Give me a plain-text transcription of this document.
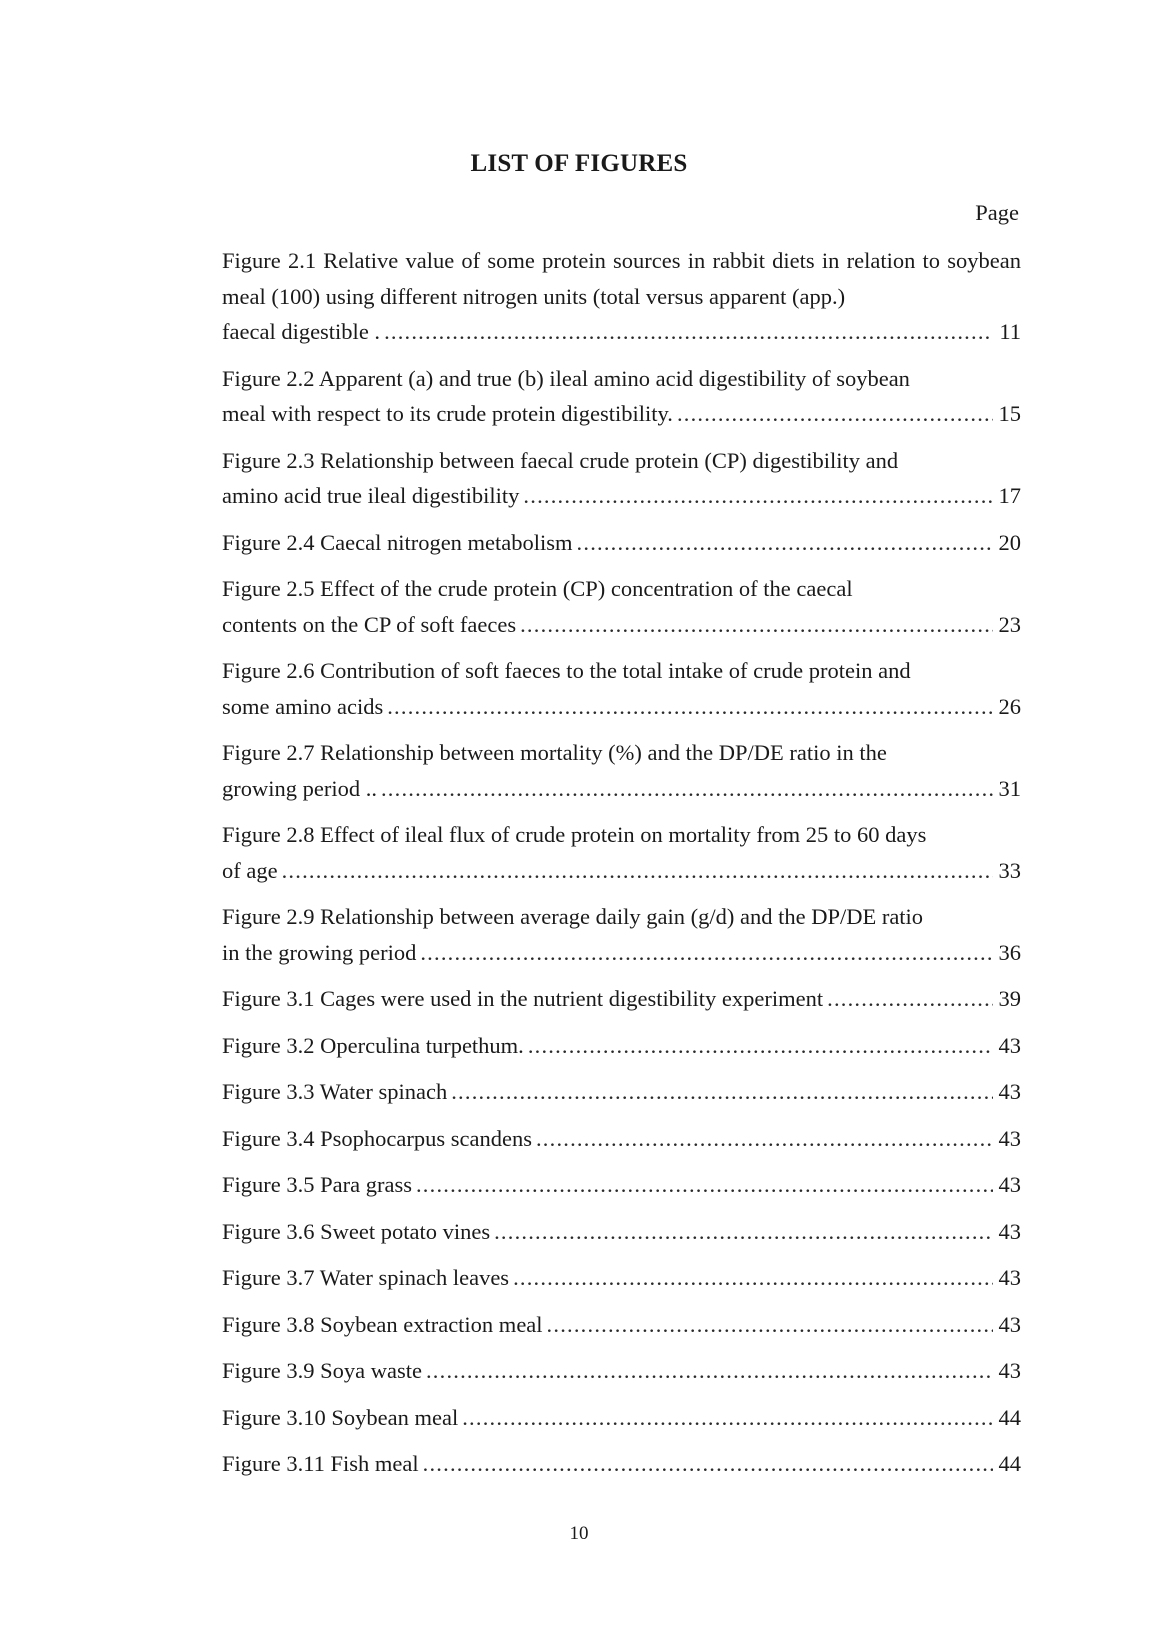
LIST OF FIGURES
Page
Figure 2.1 Relative value of some protein sources in rabbit diets in relation to soybean meal (100) using different nitrogen units (total versus apparent (app.)
faecal digestible . .....	11
Figure 2.2 Apparent (a) and true (b) ileal amino acid digestibility of soybean
meal with respect to its crude protein digestibility. .....	15
Figure 2.3 Relationship between faecal crude protein (CP) digestibility and
amino acid true ileal digestibility .....	17
Figure 2.4 Caecal nitrogen metabolism .....	20
Figure 2.5 Effect of the crude protein (CP) concentration of the caecal
contents on the CP of soft faeces .....	23
Figure 2.6 Contribution of soft faeces to the total intake of crude protein and
some amino acids .....	26
Figure 2.7 Relationship between mortality (%) and the DP/DE ratio in the
growing period .. .....	31
Figure 2.8 Effect of ileal flux of crude protein on mortality from 25 to 60 days
of age .....	33
Figure 2.9 Relationship between average daily gain (g/d) and the DP/DE ratio
in the growing period .....	36
Figure 3.1 Cages were used in the nutrient digestibility experiment .....	39
Figure 3.2 Operculina turpethum. .....	43
Figure 3.3 Water spinach .....	43
Figure 3.4 Psophocarpus scandens .....	43
Figure 3.5 Para grass .....	43
Figure 3.6 Sweet potato vines .....	43
Figure 3.7 Water spinach leaves .....	43
Figure 3.8 Soybean extraction meal .....	43
Figure 3.9 Soya waste .....	43
Figure 3.10 Soybean meal .....	44
Figure 3.11 Fish meal .....	44
10
